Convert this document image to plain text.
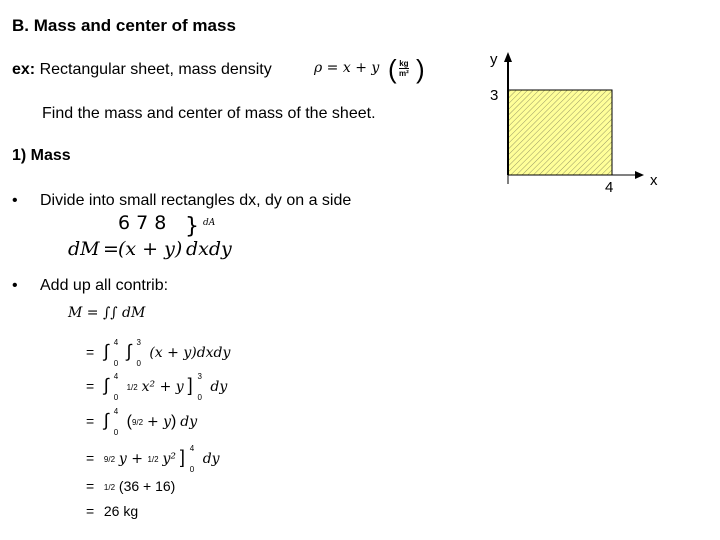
B. Mass and center of mass
ex: Rectangular sheet, mass density	ρ = x + y ( $\frac{kg}{\text{m²}}$ )
Find the mass and center of mass of the sheet.
1) Mass
• Divide into small rectangles dx, dy on a side
6 7 8 } dA
dM = (x + y) dxdy
• Add up all contrib:
M = ∫∫ dM
= ∫ 4
0
∫ 3
0
(x + y)dxdy
= ∫ 4
0
1/2 x² + y ] 3
0
dy
= ∫ 4
0
(9/2 + y) dy
= 9/2 y + 1/2 y² ] 4
0
dy
= 1/2 (36 + 16)
= 26 kg
y
3
4 x
